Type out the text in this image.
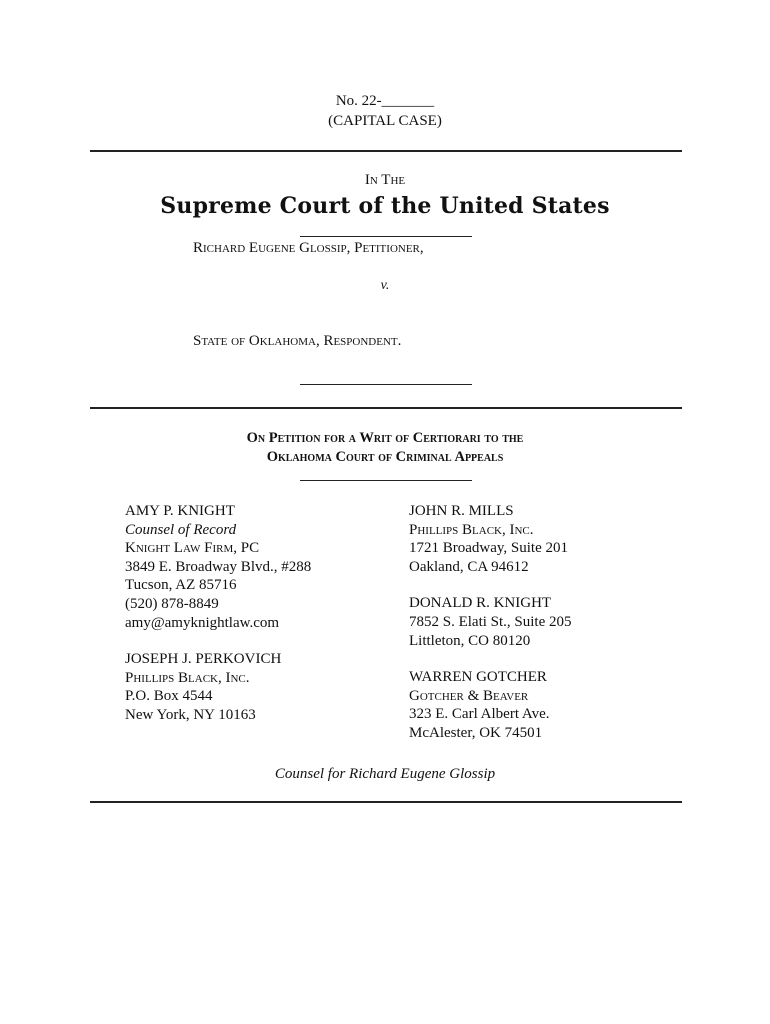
No. 22-_______
(CAPITAL CASE)
In The
Supreme Court of the United States
Richard Eugene Glossip, Petitioner,
v.
State of Oklahoma, Respondent.
On Petition for a Writ of Certiorari to the
Oklahoma Court of Criminal Appeals
AMY P. KNIGHT
Counsel of Record
Knight Law Firm, PC
3849 E. Broadway Blvd., #288
Tucson, AZ 85716
(520) 878-8849
amy@amyknightlaw.com
JOSEPH J. PERKOVICH
Phillips Black, Inc.
P.O. Box 4544
New York, NY 10163
JOHN R. MILLS
Phillips Black, Inc.
1721 Broadway, Suite 201
Oakland, CA 94612
DONALD R. KNIGHT
7852 S. Elati St., Suite 205
Littleton, CO 80120
WARREN GOTCHER
Gotcher & Beaver
323 E. Carl Albert Ave.
McAlester, OK 74501
Counsel for Richard Eugene Glossip
